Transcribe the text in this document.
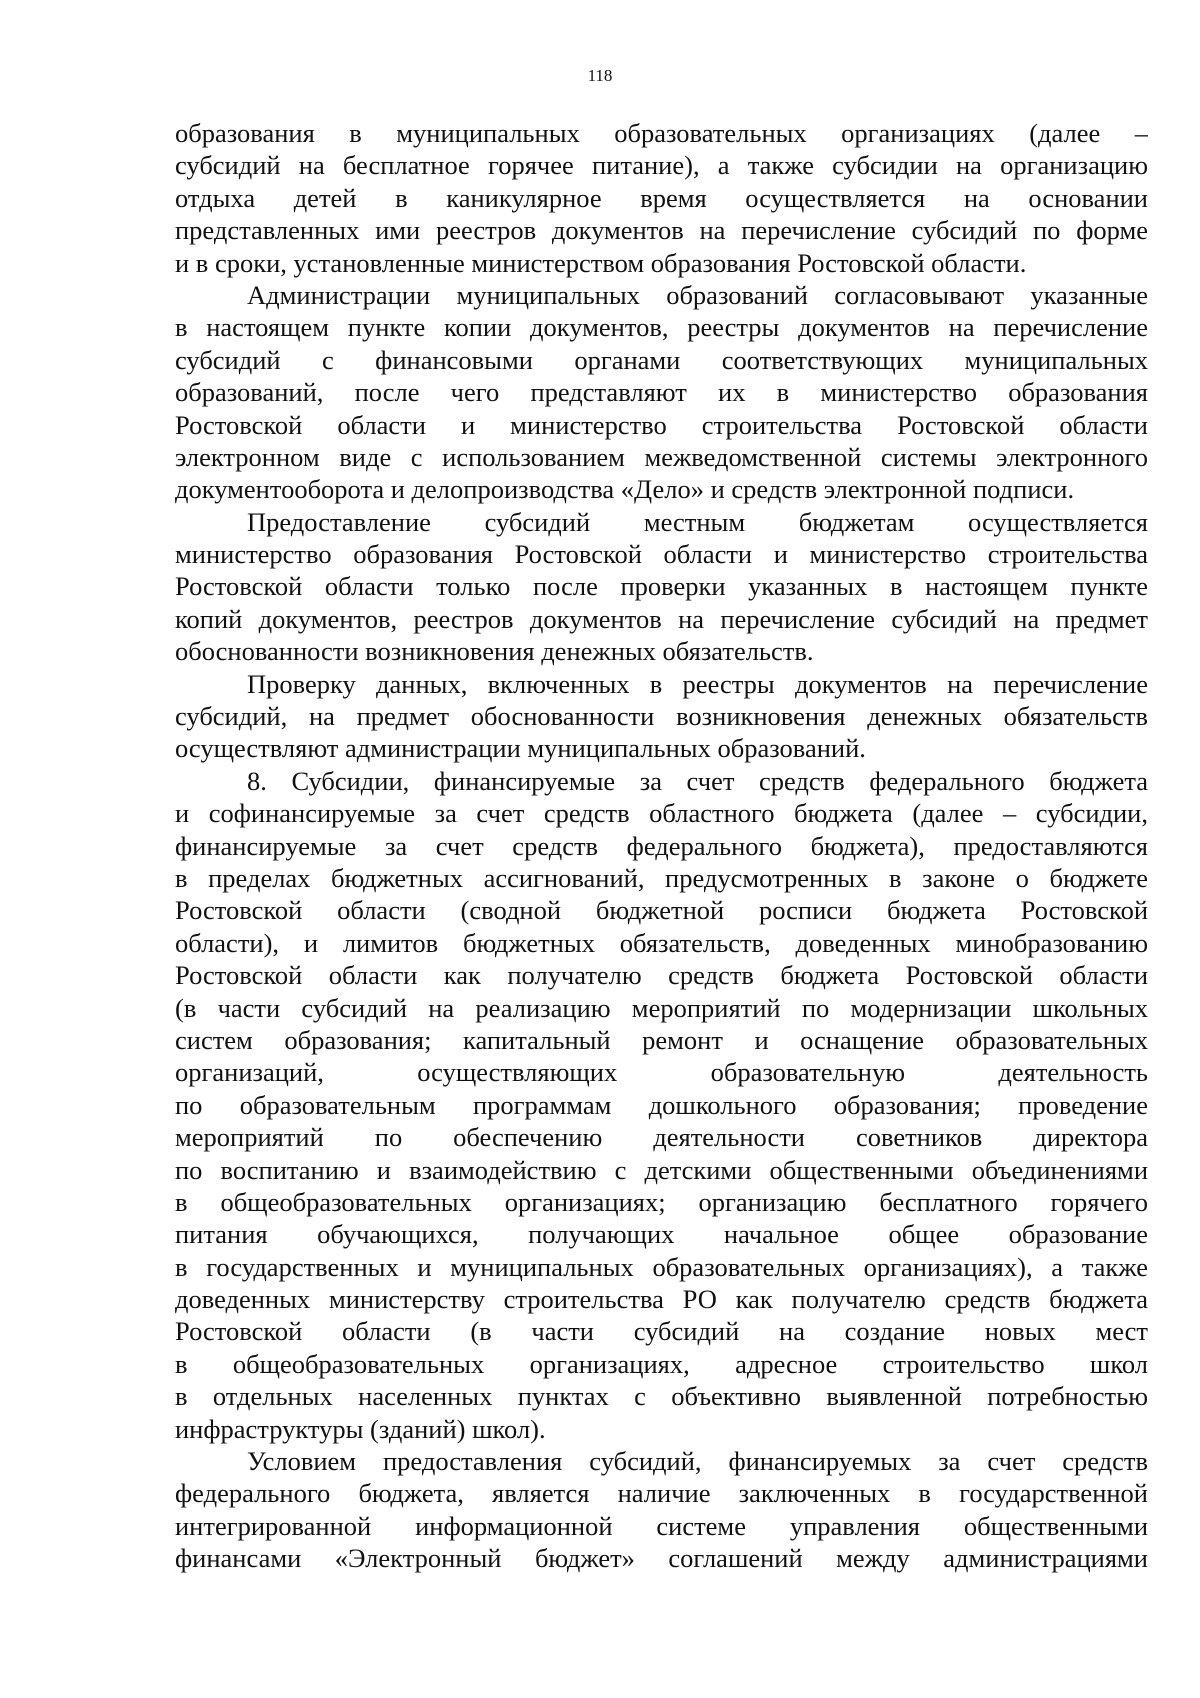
118
образования в муниципальных образовательных организациях (далее –
субсидий на бесплатное горячее питание), а также субсидии на организацию
отдыха детей в каникулярное время осуществляется на основании
представленных ими реестров документов на перечисление субсидий по форме
и в сроки, установленные министерством образования Ростовской области.
Администрации муниципальных образований согласовывают указанные
в настоящем пункте копии документов, реестры документов на перечисление
субсидий с финансовыми органами соответствующих муниципальных
образований, после чего представляют их в министерство образования
Ростовской области и министерство строительства Ростовской области
электронном виде с использованием межведомственной системы электронного
документооборота и делопроизводства «Дело» и средств электронной подписи.
Предоставление субсидий местным бюджетам осуществляется
министерство образования Ростовской области и министерство строительства
Ростовской области только после проверки указанных в настоящем пункте
копий документов, реестров документов на перечисление субсидий на предмет
обоснованности возникновения денежных обязательств.
Проверку данных, включенных в реестры документов на перечисление
субсидий, на предмет обоснованности возникновения денежных обязательств
осуществляют администрации муниципальных образований.
8. Субсидии, финансируемые за счет средств федерального бюджета
и софинансируемые за счет средств областного бюджета (далее – субсидии,
финансируемые за счет средств федерального бюджета), предоставляются
в пределах бюджетных ассигнований, предусмотренных в законе о бюджете
Ростовской области (сводной бюджетной росписи бюджета Ростовской
области), и лимитов бюджетных обязательств, доведенных минобразованию
Ростовской области как получателю средств бюджета Ростовской области
(в части субсидий на реализацию мероприятий по модернизации школьных
систем образования; капитальный ремонт и оснащение образовательных
организаций, осуществляющих образовательную деятельность
по образовательным программам дошкольного образования; проведение
мероприятий по обеспечению деятельности советников директора
по воспитанию и взаимодействию с детскими общественными объединениями
в общеобразовательных организациях; организацию бесплатного горячего
питания обучающихся, получающих начальное общее образование
в государственных и муниципальных образовательных организациях), а также
доведенных министерству строительства РО как получателю средств бюджета
Ростовской области (в части субсидий на создание новых мест
в общеобразовательных организациях, адресное строительство школ
в отдельных населенных пунктах с объективно выявленной потребностью
инфраструктуры (зданий) школ).
Условием предоставления субсидий, финансируемых за счет средств
федерального бюджета, является наличие заключенных в государственной
интегрированной информационной системе управления общественными
финансами «Электронный бюджет» соглашений между администрациями
